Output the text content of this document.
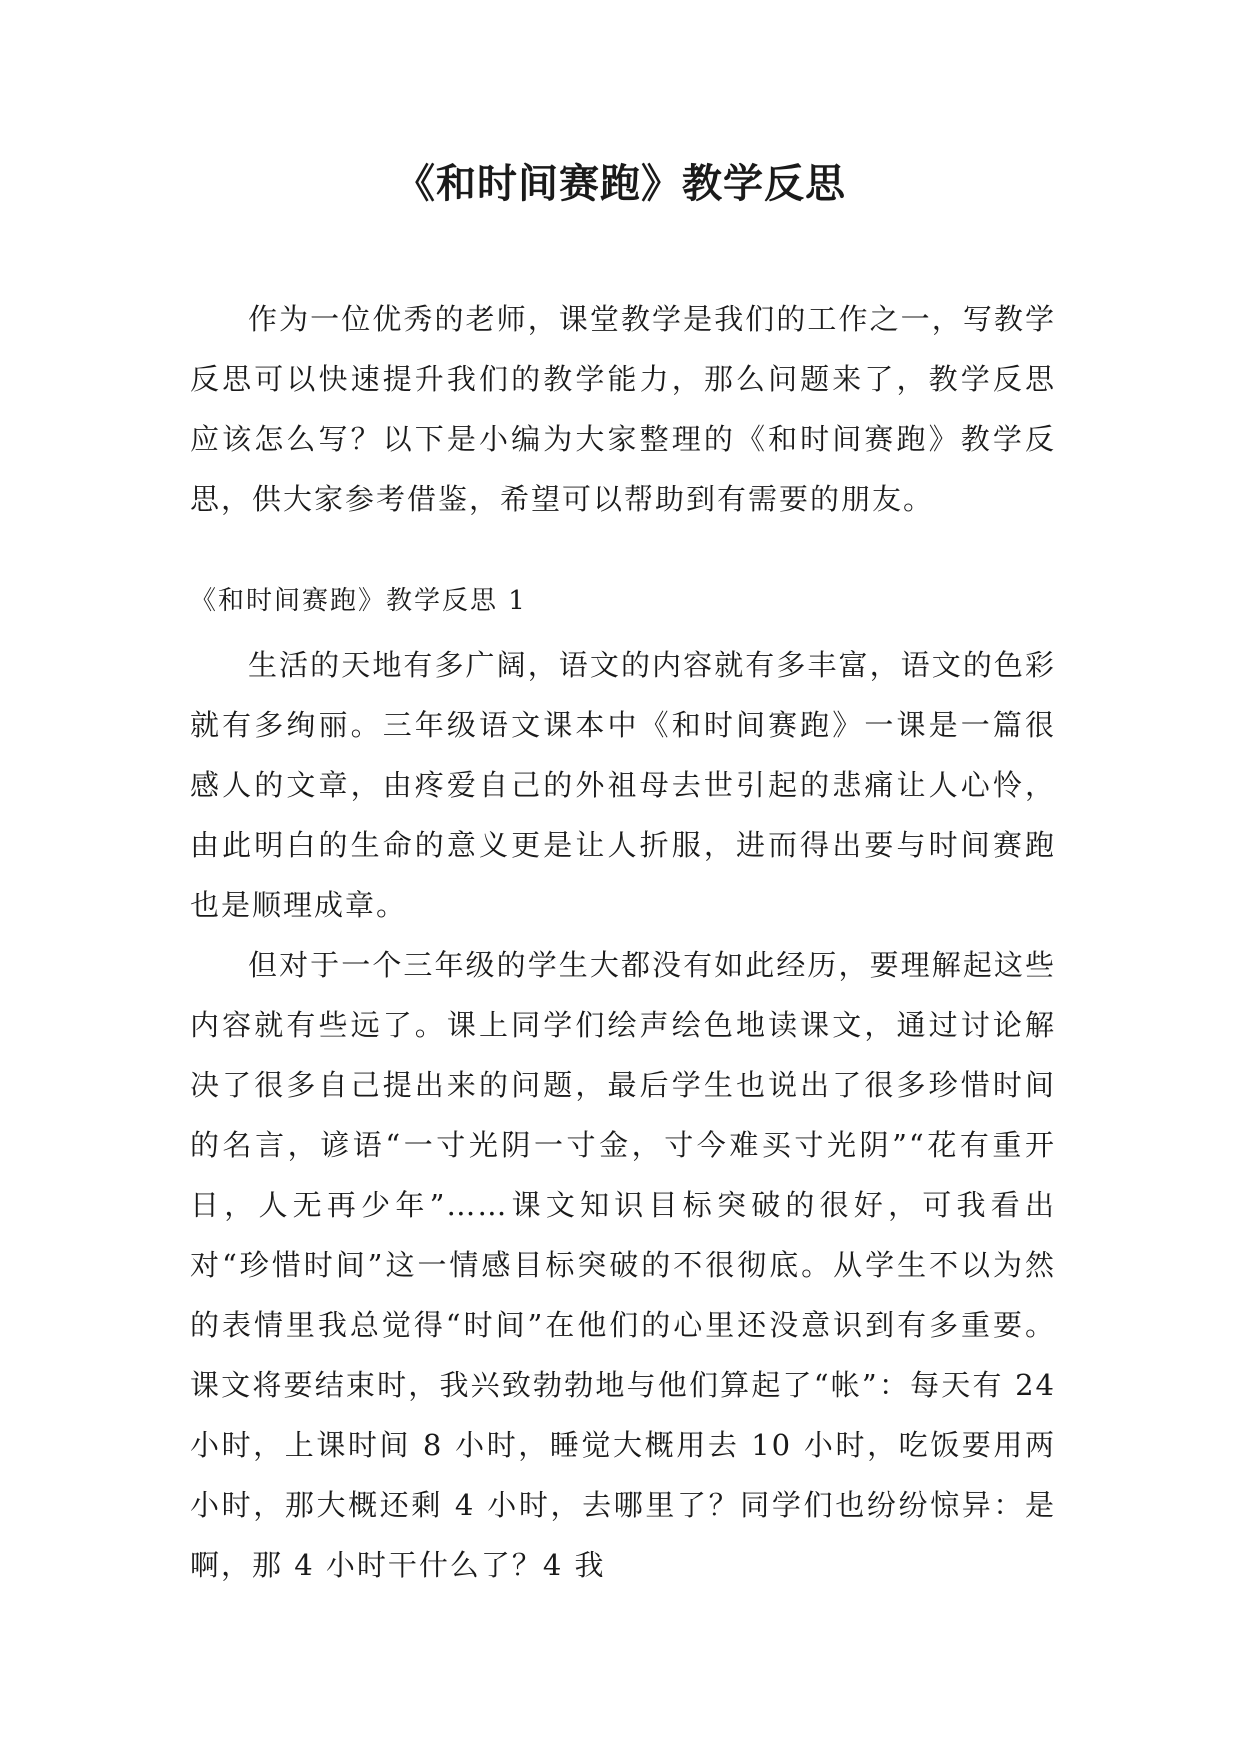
《和时间赛跑》教学反思

作为一位优秀的老师，课堂教学是我们的工作之一，写教学反思可以快速提升我们的教学能力，那么问题来了，教学反思应该怎么写？以下是小编为大家整理的《和时间赛跑》教学反思，供大家参考借鉴，希望可以帮助到有需要的朋友。

《和时间赛跑》教学反思 1

生活的天地有多广阔，语文的内容就有多丰富，语文的色彩就有多绚丽。三年级语文课本中《和时间赛跑》一课是一篇很感人的文章，由疼爱自己的外祖母去世引起的悲痛让人心怜，由此明白的生命的意义更是让人折服，进而得出要与时间赛跑也是顺理成章。

但对于一个三年级的学生大都没有如此经历，要理解起这些内容就有些远了。课上同学们绘声绘色地读课文，通过讨论解决了很多自己提出来的问题，最后学生也说出了很多珍惜时间的名言，谚语“一寸光阴一寸金，寸今难买寸光阴”“花有重开日，人无再少年”……课文知识目标突破的很好，可我看出对“珍惜时间”这一情感目标突破的不很彻底。从学生不以为然的表情里我总觉得“时间”在他们的心里还没意识到有多重要。课文将要结束时，我兴致勃勃地与他们算起了“帐”：每天有 24 小时，上课时间 8 小时，睡觉大概用去 10 小时，吃饭要用两小时，那大概还剩 4 小时，去哪里了？同学们也纷纷惊异：是啊，那 4 小时干什么了？4 我
